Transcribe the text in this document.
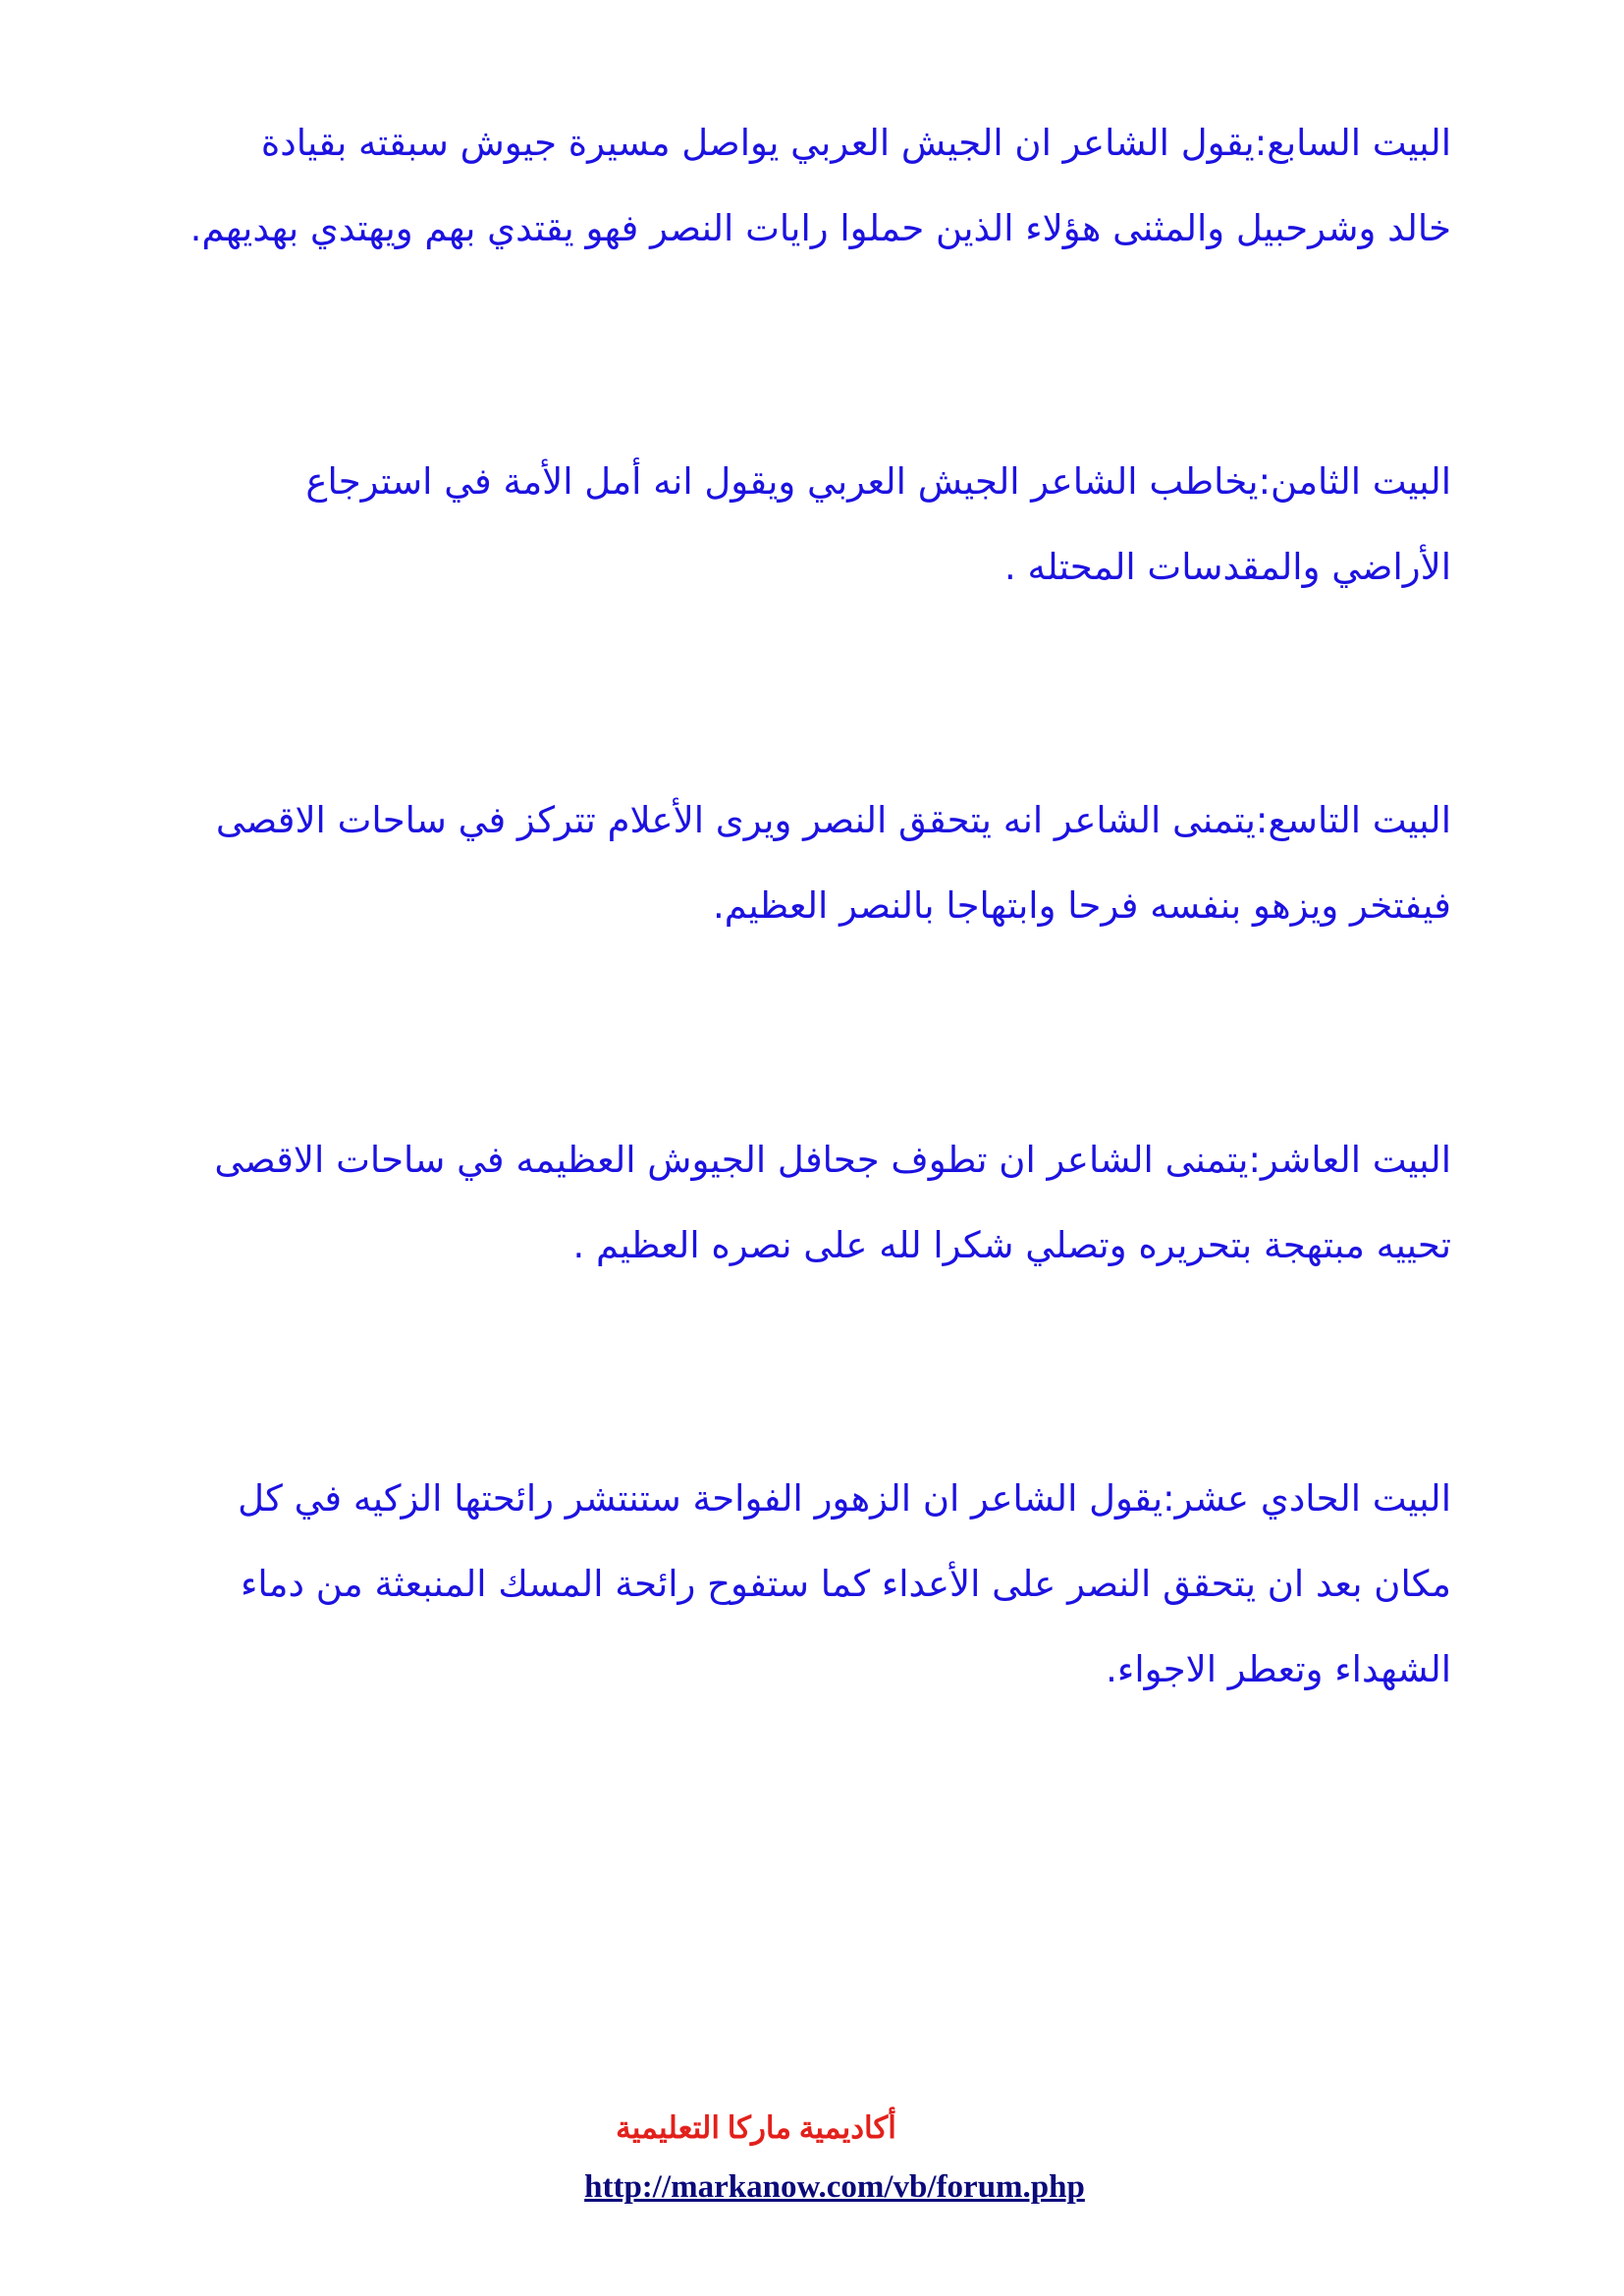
البيت السابع:يقول الشاعر ان الجيش العربي يواصل مسيرة جيوش سبقته بقيادة خالد وشرحبيل والمثنى هؤلاء الذين حملوا رايات النصر فهو يقتدي بهم ويهتدي بهديهم.

البيت الثامن:يخاطب الشاعر الجيش العربي ويقول انه أمل الأمة في استرجاع الأراضي والمقدسات المحتله .

البيت التاسع:يتمنى الشاعر انه يتحقق النصر ويرى الأعلام تتركز في ساحات الاقصى فيفتخر ويزهو بنفسه فرحا وابتهاجا بالنصر العظيم.

البيت العاشر:يتمنى الشاعر ان تطوف جحافل الجيوش العظيمه في ساحات الاقصى تحييه مبتهجة بتحريره وتصلي شكرا لله على نصره العظيم .

البيت الحادي عشر:يقول الشاعر ان الزهور الفواحة ستنتشر رائحتها الزكيه في كل مكان بعد ان يتحقق النصر على الأعداء كما ستفوح رائحة المسك المنبعثة من دماء الشهداء وتعطر الاجواء.

أكاديمية ماركا التعليمية
http://markanow.com/vb/forum.php
